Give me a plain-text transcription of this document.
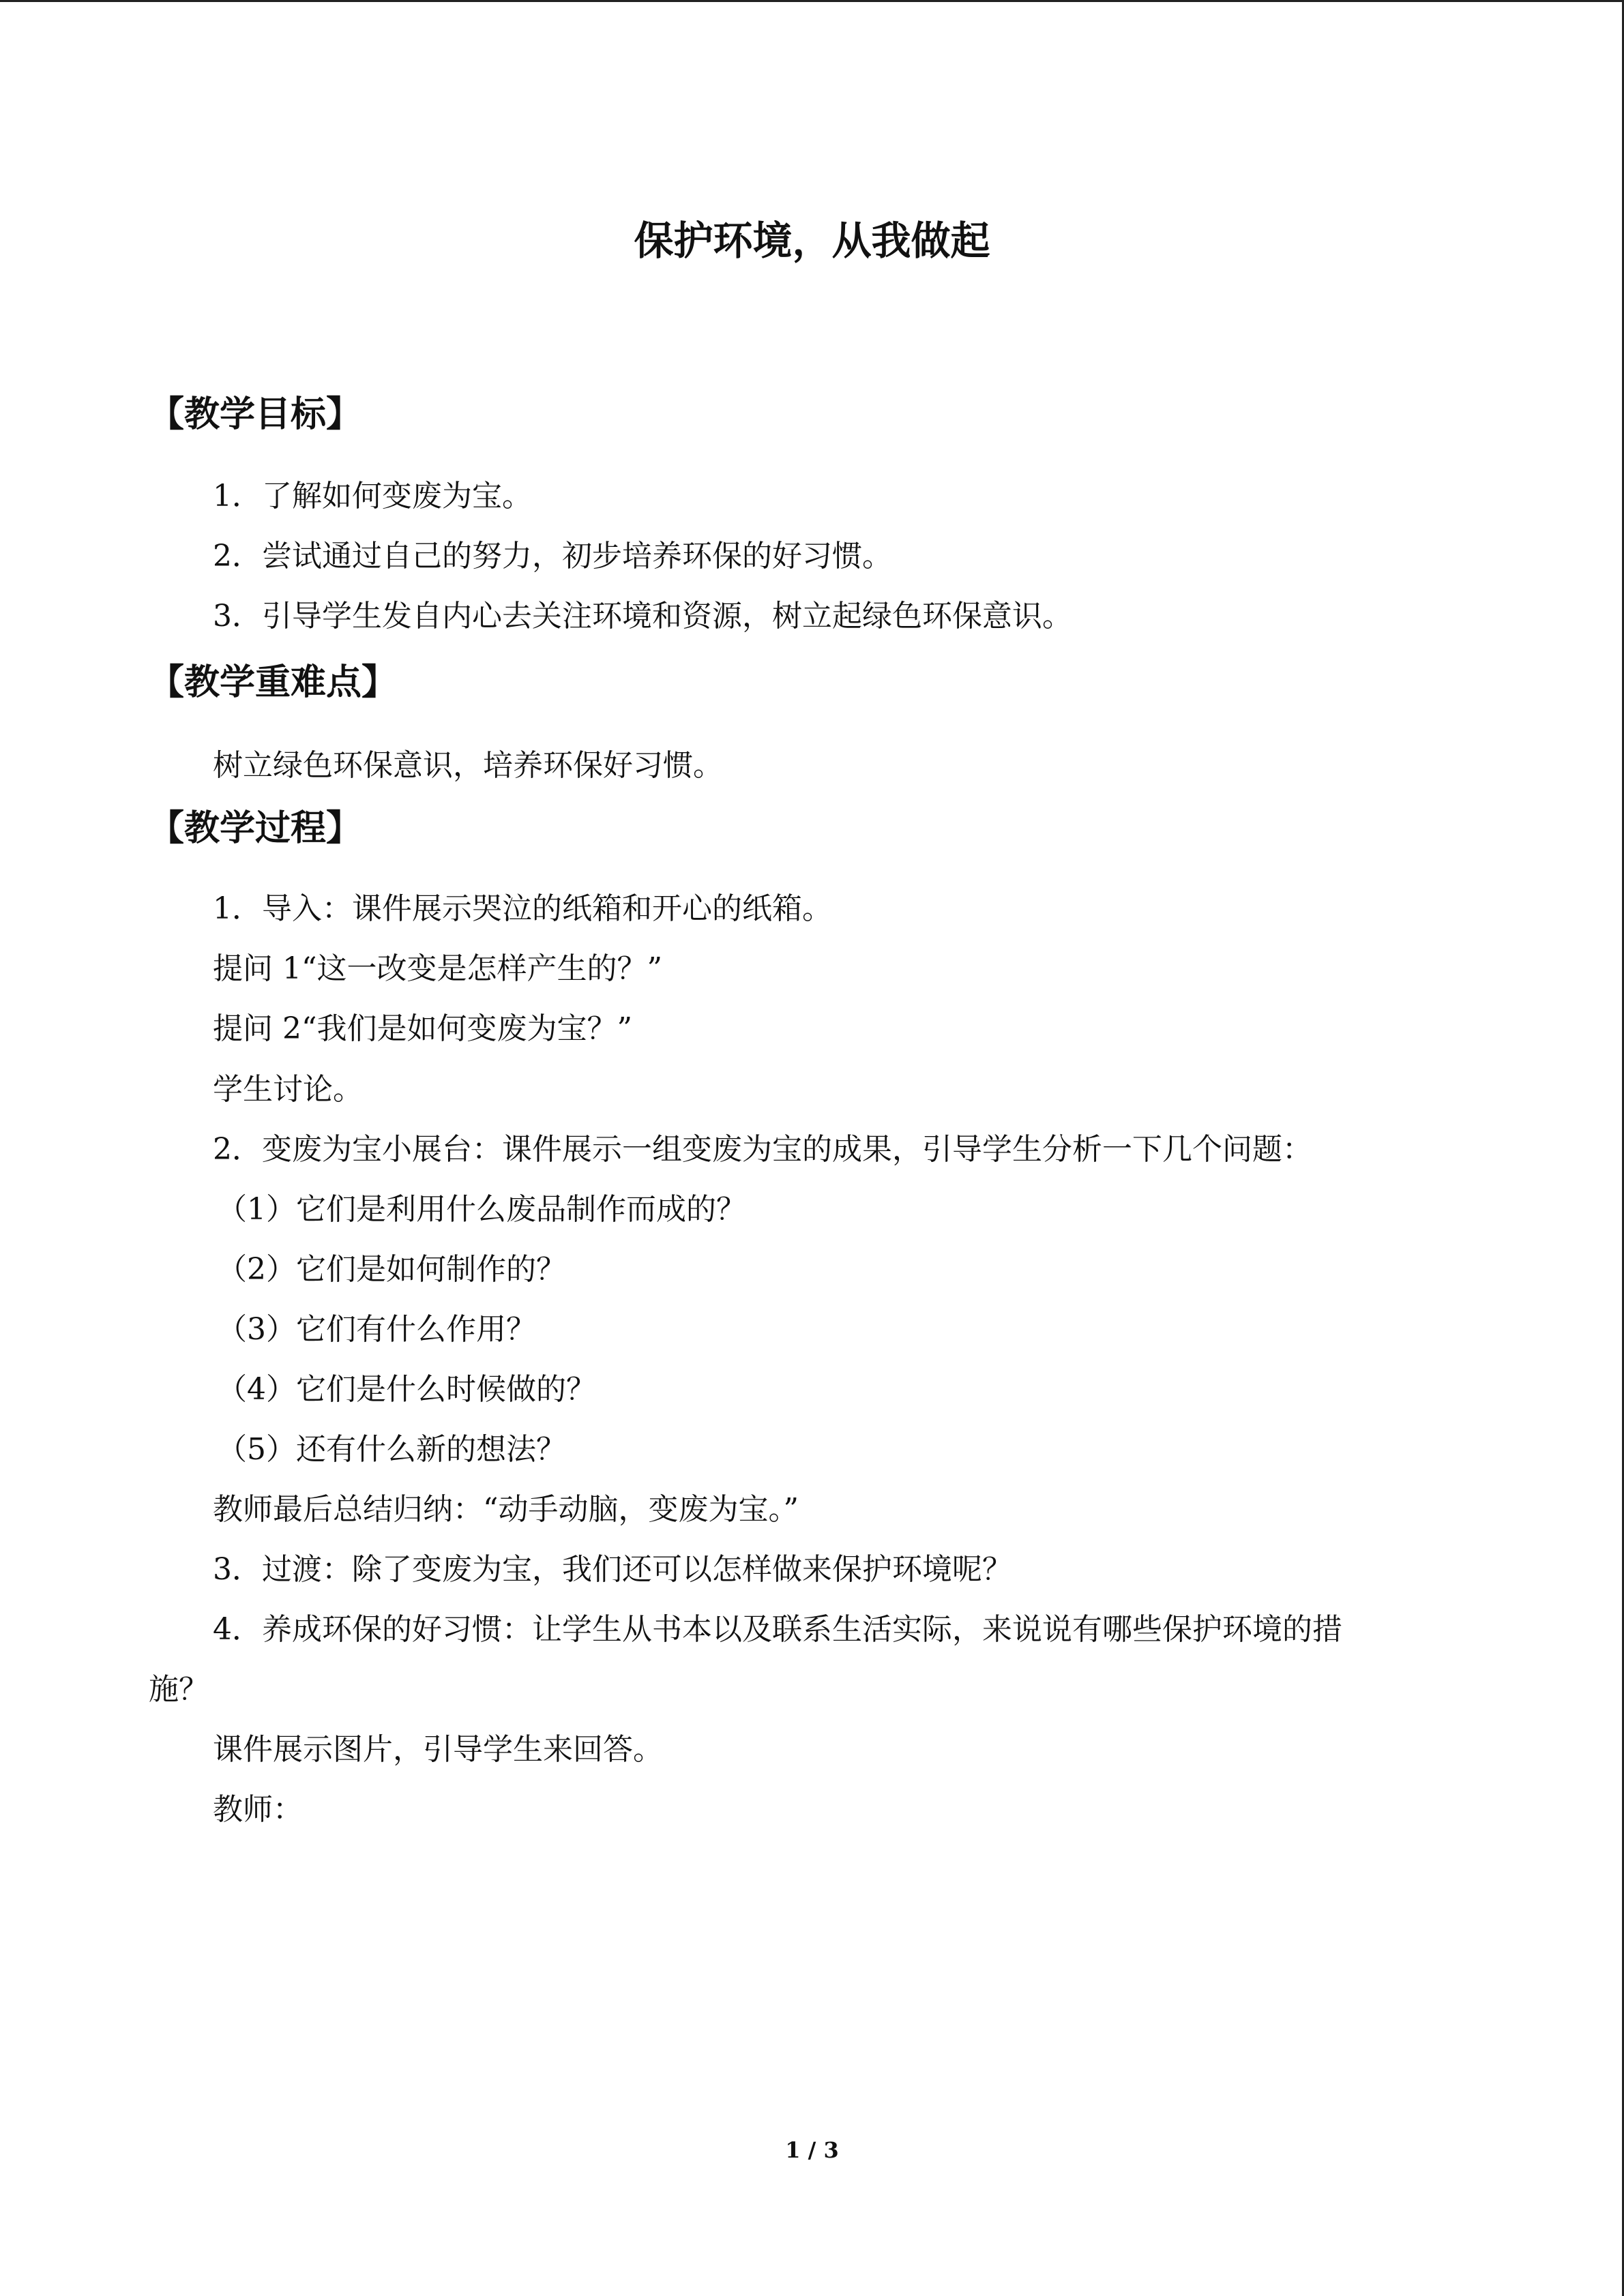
保护环境，从我做起
【教学目标】
1．了解如何变废为宝。
2．尝试通过自己的努力，初步培养环保的好习惯。
3．引导学生发自内心去关注环境和资源，树立起绿色环保意识。
【教学重难点】
树立绿色环保意识，培养环保好习惯。
【教学过程】
1．导入：课件展示哭泣的纸箱和开心的纸箱。
提问 1“这一改变是怎样产生的？”
提问 2“我们是如何变废为宝？”
学生讨论。
2．变废为宝小展台：课件展示一组变废为宝的成果，引导学生分析一下几个问题：
（1）它们是利用什么废品制作而成的？
（2）它们是如何制作的？
（3）它们有什么作用？
（4）它们是什么时候做的？
（5）还有什么新的想法？
教师最后总结归纳：“动手动脑，变废为宝。”
3．过渡：除了变废为宝，我们还可以怎样做来保护环境呢？
4．养成环保的好习惯：让学生从书本以及联系生活实际，来说说有哪些保护环境的措
施？
课件展示图片，引导学生来回答。
教师：
1 / 3
